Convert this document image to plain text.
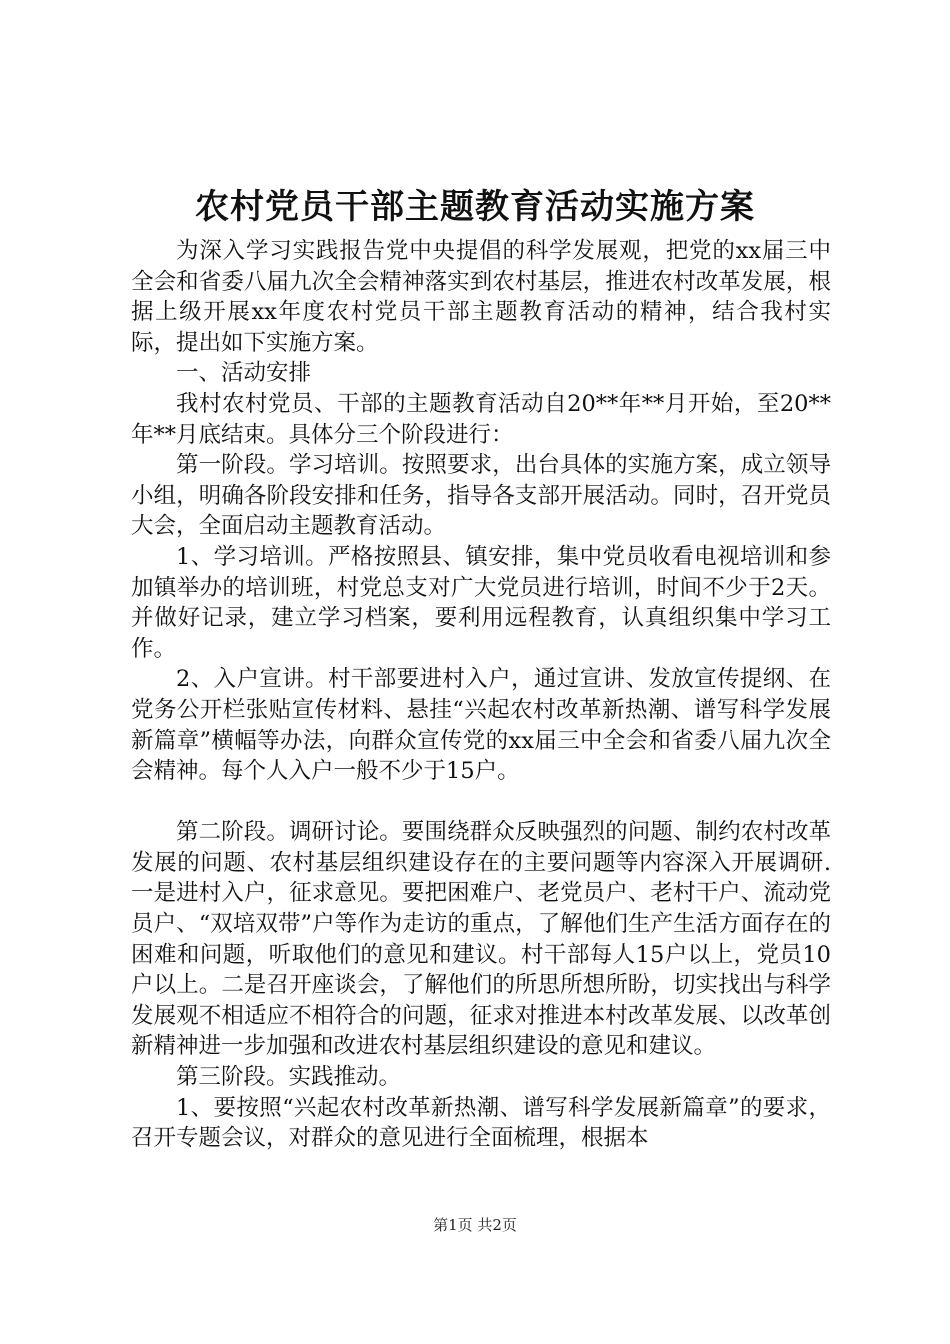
农村党员干部主题教育活动实施方案

为深入学习实践报告党中央提倡的科学发展观，把党的xx届三中全会和省委八届九次全会精神落实到农村基层，推进农村改革发展，根据上级开展xx年度农村党员干部主题教育活动的精神，结合我村实际，提出如下实施方案。

一、活动安排

我村农村党员、干部的主题教育活动自20**年**月开始，至20**年**月底结束。具体分三个阶段进行：

第一阶段。学习培训。按照要求，出台具体的实施方案，成立领导小组，明确各阶段安排和任务，指导各支部开展活动。同时，召开党员大会，全面启动主题教育活动。

1、学习培训。严格按照县、镇安排，集中党员收看电视培训和参加镇举办的培训班，村党总支对广大党员进行培训，时间不少于2天。并做好记录，建立学习档案，要利用远程教育，认真组织集中学习工作。

2、入户宣讲。村干部要进村入户，通过宣讲、发放宣传提纲、在党务公开栏张贴宣传材料、悬挂“兴起农村改革新热潮、谱写科学发展新篇章”横幅等办法，向群众宣传党的xx届三中全会和省委八届九次全会精神。每个人入户一般不少于15户。

第二阶段。调研讨论。要围绕群众反映强烈的问题、制约农村改革发展的问题、农村基层组织建设存在的主要问题等内容深入开展调研.一是进村入户，征求意见。要把困难户、老党员户、老村干户、流动党员户、“双培双带”户等作为走访的重点，了解他们生产生活方面存在的困难和问题，听取他们的意见和建议。村干部每人15户以上，党员10户以上。二是召开座谈会，了解他们的所思所想所盼，切实找出与科学发展观不相适应不相符合的问题，征求对推进本村改革发展、以改革创新精神进一步加强和改进农村基层组织建设的意见和建议。

第三阶段。实践推动。

1、要按照“兴起农村改革新热潮、谱写科学发展新篇章”的要求，召开专题会议，对群众的意见进行全面梳理，根据本

第1页 共2页
